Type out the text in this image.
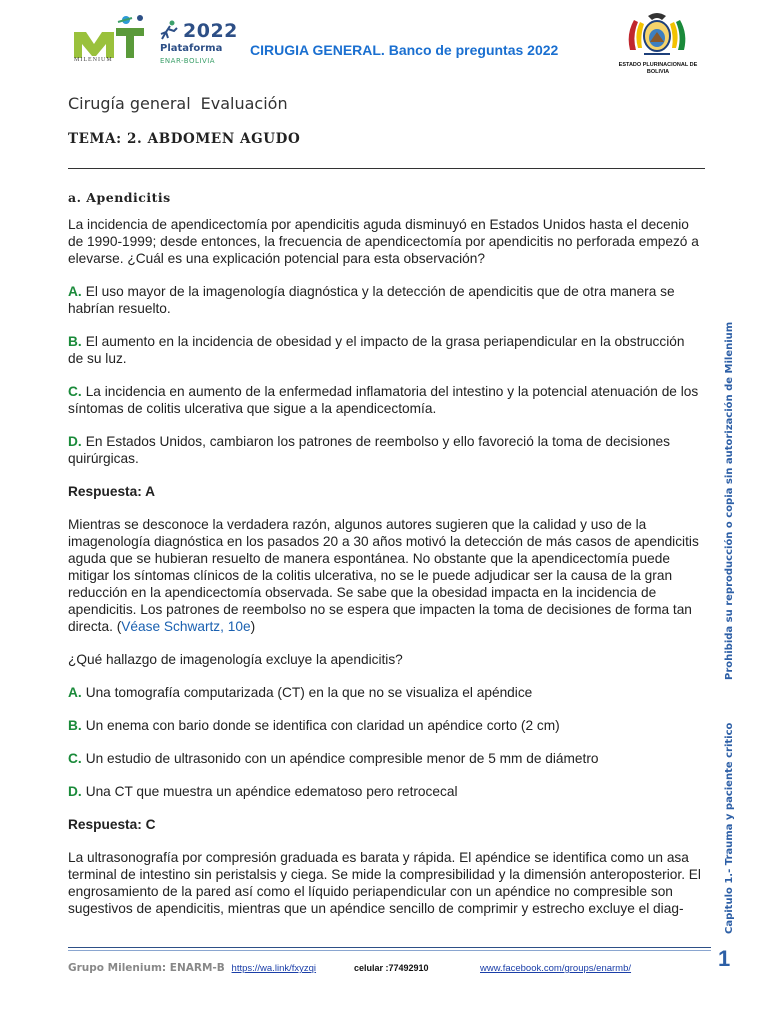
MILENIUM
2022
Plataforma
ENAR-BOLIVIA
CIRUGIA GENERAL. Banco de preguntas 2022
ESTADO PLURINACIONAL DE BOLIVIA
Cirugía general Evaluación
TEMA: 2. ABDOMEN AGUDO
a. Apendicitis

La incidencia de apendicectomía por apendicitis aguda disminuyó en Estados Unidos hasta el decenio de 1990-1999; desde entonces, la frecuencia de apendicectomía por apendicitis no perforada empezó a elevarse. ¿Cuál es una explicación potencial para esta observación?

A. El uso mayor de la imagenología diagnóstica y la detección de apendicitis que de otra manera se habrían resuelto.

B. El aumento en la incidencia de obesidad y el impacto de la grasa periapendicular en la obstrucción de su luz.

C. La incidencia en aumento de la enfermedad inflamatoria del intestino y la potencial atenuación de los síntomas de colitis ulcerativa que sigue a la apendicectomía.

D. En Estados Unidos, cambiaron los patrones de reembolso y ello favoreció la toma de decisiones quirúrgicas.

Respuesta: A

Mientras se desconoce la verdadera razón, algunos autores sugieren que la calidad y uso de la imagenología diagnóstica en los pasados 20 a 30 años motivó la detección de más casos de apendicitis aguda que se hubieran resuelto de manera espontánea. No obstante que la apendicectomía puede mitigar los síntomas clínicos de la colitis ulcerativa, no se le puede adjudicar ser la causa de la gran reducción en la apendicectomía observada. Se sabe que la obesidad impacta en la incidencia de apendicitis. Los patrones de reembolso no se espera que impacten la toma de decisiones de forma tan directa. (Véase Schwartz, 10e)

¿Qué hallazgo de imagenología excluye la apendicitis?

A. Una tomografía computarizada (CT) en la que no se visualiza el apéndice

B. Un enema con bario donde se identifica con claridad un apéndice corto (2 cm)

C. Un estudio de ultrasonido con un apéndice compresible menor de 5 mm de diámetro

D. Una CT que muestra un apéndice edematoso pero retrocecal

Respuesta: C

La ultrasonografía por compresión graduada es barata y rápida. El apéndice se identifica como un asa terminal de intestino sin peristalsis y ciega. Se mide la compresibilidad y la dimensión anteroposterior. El engrosamiento de la pared así como el líquido periapendicular con un apéndice no compresible son sugestivos de apendicitis, mientras que un apéndice sencillo de comprimir y estrecho excluye el diag-

Prohibida su reproducción o copia sin autorización de Milenium
Capitulo 1.- Trauma y paciente critico
Grupo Milenium: ENARM-B https://wa.link/fxyzqi	celular :77492910	www.facebook.com/groups/enarmb/	1
